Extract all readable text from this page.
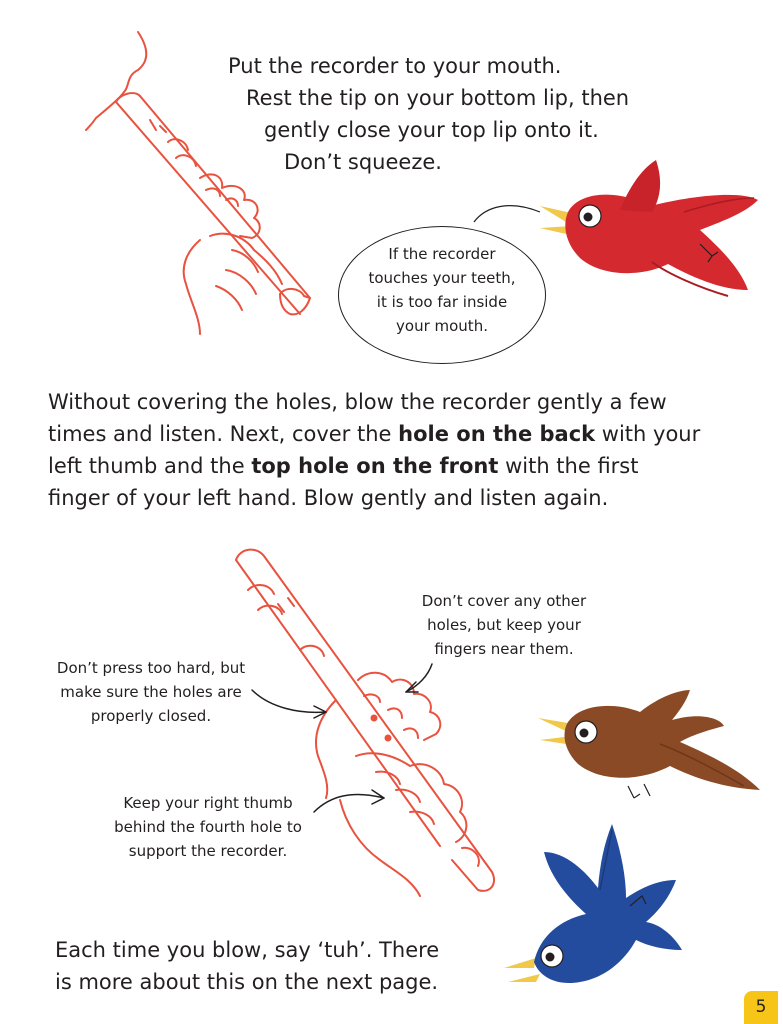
Put the recorder to your mouth.
Rest the tip on your bottom lip, then
gently close your top lip onto it.
Don’t squeeze.
If the recorder
touches your teeth,
it is too far inside
your mouth.
Without covering the holes, blow the recorder gently a few
times and listen. Next, cover the hole on the back with your
left thumb and the top hole on the front with the first
finger of your left hand. Blow gently and listen again.
Don’t cover any other
holes, but keep your
fingers near them.
Don’t press too hard, but
make sure the holes are
properly closed.
Keep your right thumb
behind the fourth hole to
support the recorder.
Each time you blow, say ‘tuh’. There
is more about this on the next page.
5
